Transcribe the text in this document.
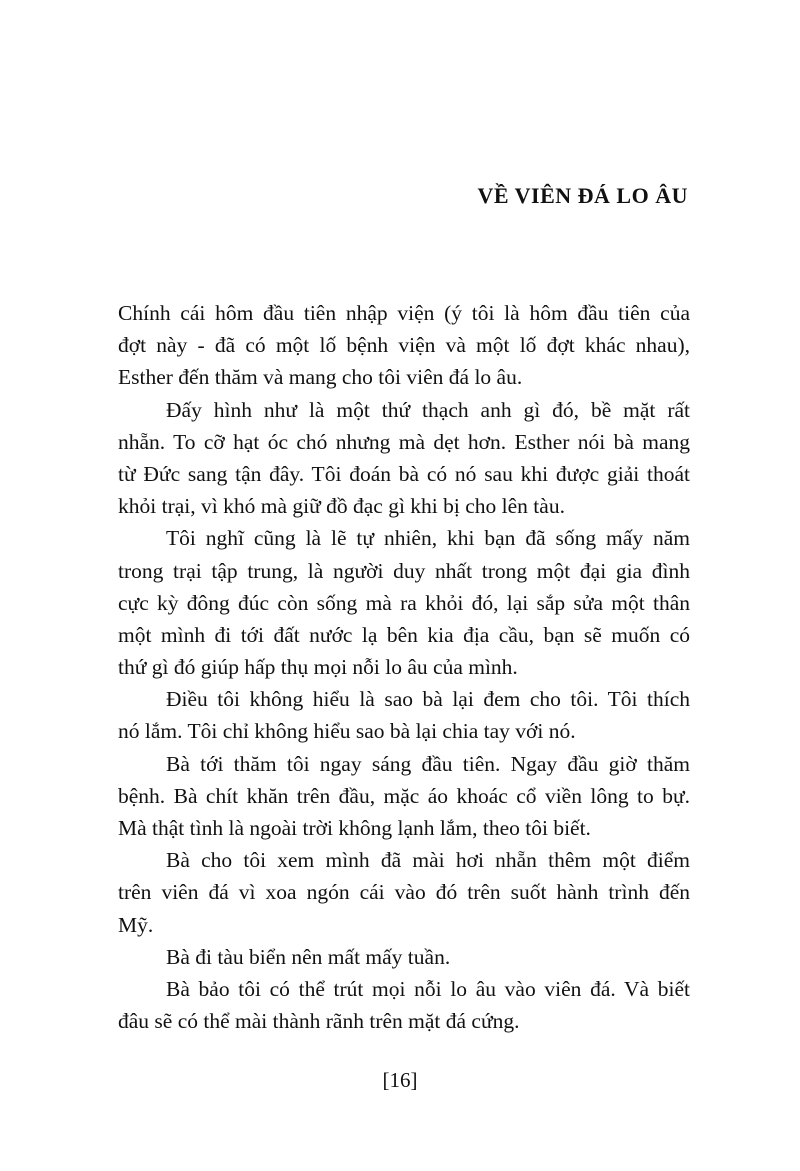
VỀ VIÊN ĐÁ LO ÂU
Chính cái hôm đầu tiên nhập viện (ý tôi là hôm đầu tiên của
đợt này - đã có một lố bệnh viện và một lố đợt khác nhau),
Esther đến thăm và mang cho tôi viên đá lo âu.
Đấy hình như là một thứ thạch anh gì đó, bề mặt rất
nhẵn. To cỡ hạt óc chó nhưng mà dẹt hơn. Esther nói bà mang
từ Đức sang tận đây. Tôi đoán bà có nó sau khi được giải thoát
khỏi trại, vì khó mà giữ đồ đạc gì khi bị cho lên tàu.
Tôi nghĩ cũng là lẽ tự nhiên, khi bạn đã sống mấy năm
trong trại tập trung, là người duy nhất trong một đại gia đình
cực kỳ đông đúc còn sống mà ra khỏi đó, lại sắp sửa một thân
một mình đi tới đất nước lạ bên kia địa cầu, bạn sẽ muốn có
thứ gì đó giúp hấp thụ mọi nỗi lo âu của mình.
Điều tôi không hiểu là sao bà lại đem cho tôi. Tôi thích
nó lắm. Tôi chỉ không hiểu sao bà lại chia tay với nó.
Bà tới thăm tôi ngay sáng đầu tiên. Ngay đầu giờ thăm
bệnh. Bà chít khăn trên đầu, mặc áo khoác cổ viền lông to bự.
Mà thật tình là ngoài trời không lạnh lắm, theo tôi biết.
Bà cho tôi xem mình đã mài hơi nhẵn thêm một điểm
trên viên đá vì xoa ngón cái vào đó trên suốt hành trình đến
Mỹ.
Bà đi tàu biển nên mất mấy tuần.
Bà bảo tôi có thể trút mọi nỗi lo âu vào viên đá. Và biết
đâu sẽ có thể mài thành rãnh trên mặt đá cứng.
[16]
